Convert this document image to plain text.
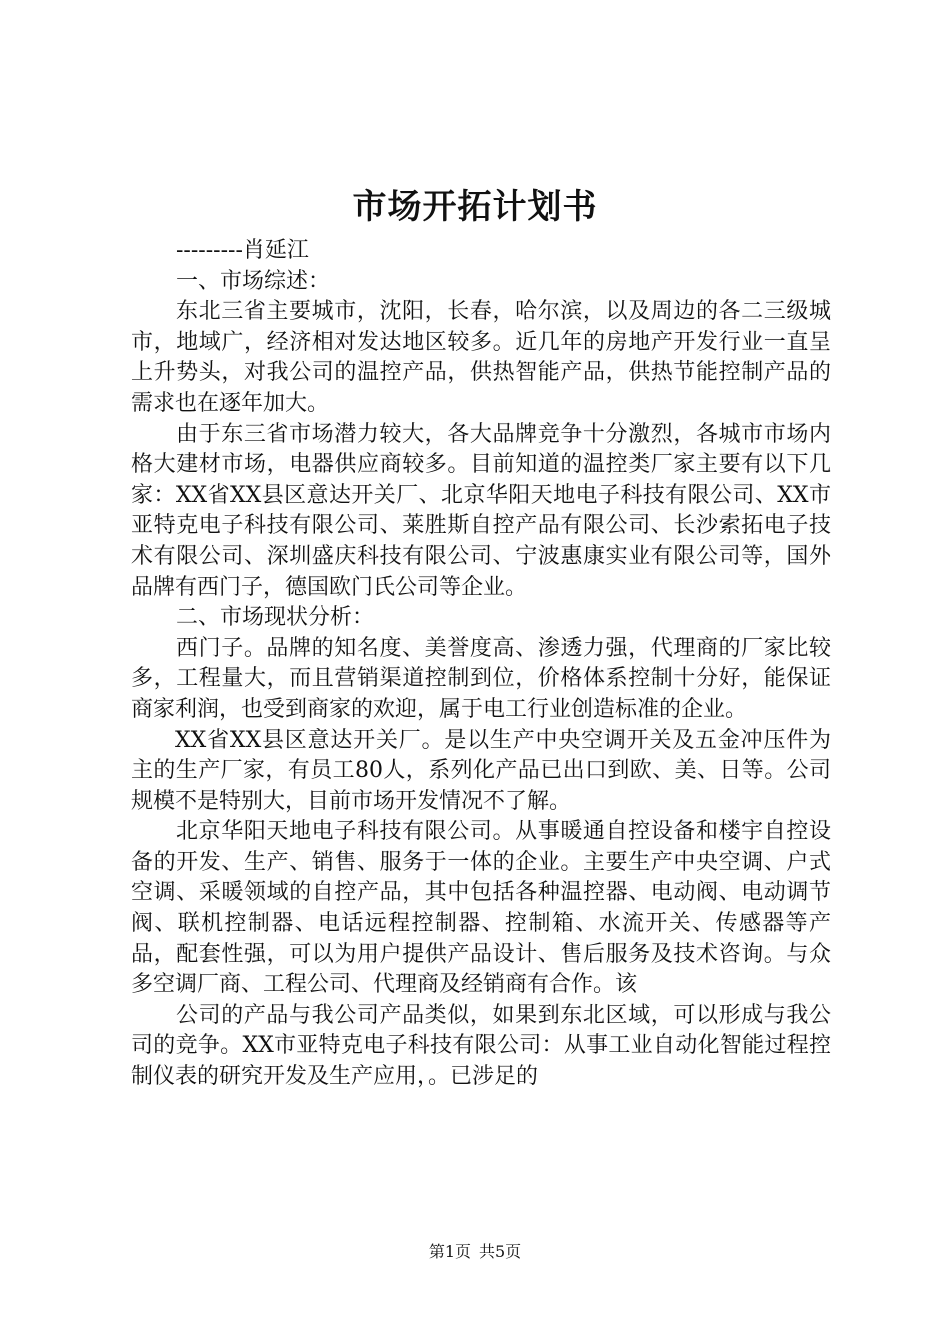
市场开拓计划书

---------肖延江

一、市场综述：

东北三省主要城市，沈阳，长春，哈尔滨，以及周边的各二三级城市，地域广，经济相对发达地区较多。近几年的房地产开发行业一直呈上升势头，对我公司的温控产品，供热智能产品，供热节能控制产品的需求也在逐年加大。

由于东三省市场潜力较大，各大品牌竞争十分激烈，各城市市场内格大建材市场，电器供应商较多。目前知道的温控类厂家主要有以下几家：XX省XX县区意达开关厂、北京华阳天地电子科技有限公司、XX市亚特克电子科技有限公司、莱胜斯自控产品有限公司、长沙索拓电子技术有限公司、深圳盛庆科技有限公司、宁波惠康实业有限公司等，国外品牌有西门子，德国欧门氏公司等企业。

二、市场现状分析：

西门子。品牌的知名度、美誉度高、渗透力强，代理商的厂家比较多，工程量大，而且营销渠道控制到位，价格体系控制十分好，能保证商家利润，也受到商家的欢迎，属于电工行业创造标准的企业。

XX省XX县区意达开关厂。是以生产中央空调开关及五金冲压件为主的生产厂家，有员工80人，系列化产品已出口到欧、美、日等。公司规模不是特别大，目前市场开发情况不了解。

北京华阳天地电子科技有限公司。从事暖通自控设备和楼宇自控设备的开发、生产、销售、服务于一体的企业。主要生产中央空调、户式空调、采暖领域的自控产品，其中包括各种温控器、电动阀、电动调节阀、联机控制器、电话远程控制器、控制箱、水流开关、传感器等产品，配套性强，可以为用户提供产品设计、售后服务及技术咨询。与众多空调厂商、工程公司、代理商及经销商有合作。该

公司的产品与我公司产品类似，如果到东北区域，可以形成与我公司的竞争。XX市亚特克电子科技有限公司：从事工业自动化智能过程控制仪表的研究开发及生产应用，。已涉足的

第1页 共5页
